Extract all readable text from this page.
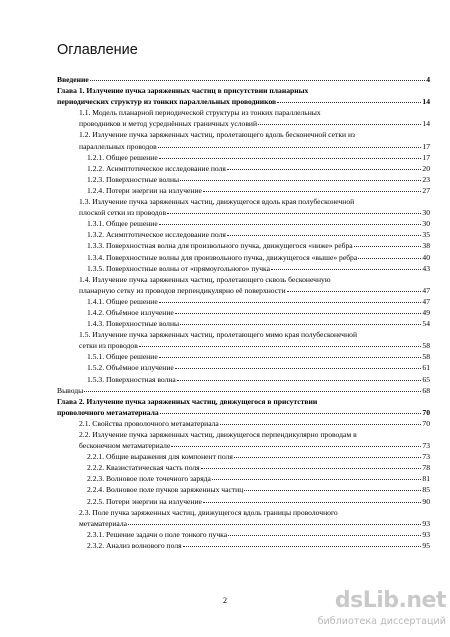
Оглавление
Введение	4
Глава 1. Излучение пучка заряженных частиц в присутствии планарных
периодических структур из тонких параллельных проводников	14
1.1. Модель планарной периодической структуры из тонких параллельных
проводников и метод усреднённых граничных условий	14
1.2. Излучение пучка заряженных частиц, пролетающего вдоль бесконечной сетки из
параллельных проводов	17
1.2.1. Общее решение	17
1.2.2. Асимптотическое исследование поля	20
1.2.3. Поверхностные волны	23
1.2.4. Потери энергии на излучение	27
1.3. Излучение пучка заряженных частиц, движущегося вдоль края полубесконечной
плоской сетки из проводов	30
1.3.1. Общее решение	30
1.3.2. Асимптотическое исследование поля	35
1.3.3. Поверхностная волна для произвольного пучка, движущегося «ниже» ребра	38
1.3.4. Поверхностные волны для произвольного пучка, движущегося «выше» ребра	40
1.3.5. Поверхностные волны от «прямоугольного» пучка	43
1.4. Излучение пучка заряженных частиц, пролетающего сквозь бесконечную
планарную сетку из проводов перпендикулярно её поверхности	47
1.4.1. Общее решение	47
1.4.2. Объёмное излучение	49
1.4.3. Поверхностные волны	54
1.5. Излучение пучка заряженных частиц, пролетающего мимо края полубесконечной
сетки из проводов	58
1.5.1. Общее решение	58
1.5.2. Объёмное излучение	61
1.5.3. Поверхностная волна	65
Выводы	68
Глава 2. Излучение пучка заряженных частиц, движущегося в присутствии
проволочного метаматериала	70
2.1. Свойства проволочного метаматериала	70
2.2. Излучение пучка заряженных частиц, движущегося перпендикулярно проводам в
бесконечном метаматериале	73
2.2.1. Общие выражения для компонент поля	73
2.2.2. Квазистатическая часть поля	78
2.2.3. Волновое поле точечного заряда	81
2.2.4. Волновое поле пучков заряженных частиц	85
2.2.5. Потери энергии на излучение	90
2.3. Поле пучка заряженных частиц, движущегося вдоль границы проволочного
метаматериала	93
2.3.1. Решение задачи о поле тонкого пучка	93
2.3.2. Анализ волнового поля	95
2	dsLib.net
библиотека диссертаций
